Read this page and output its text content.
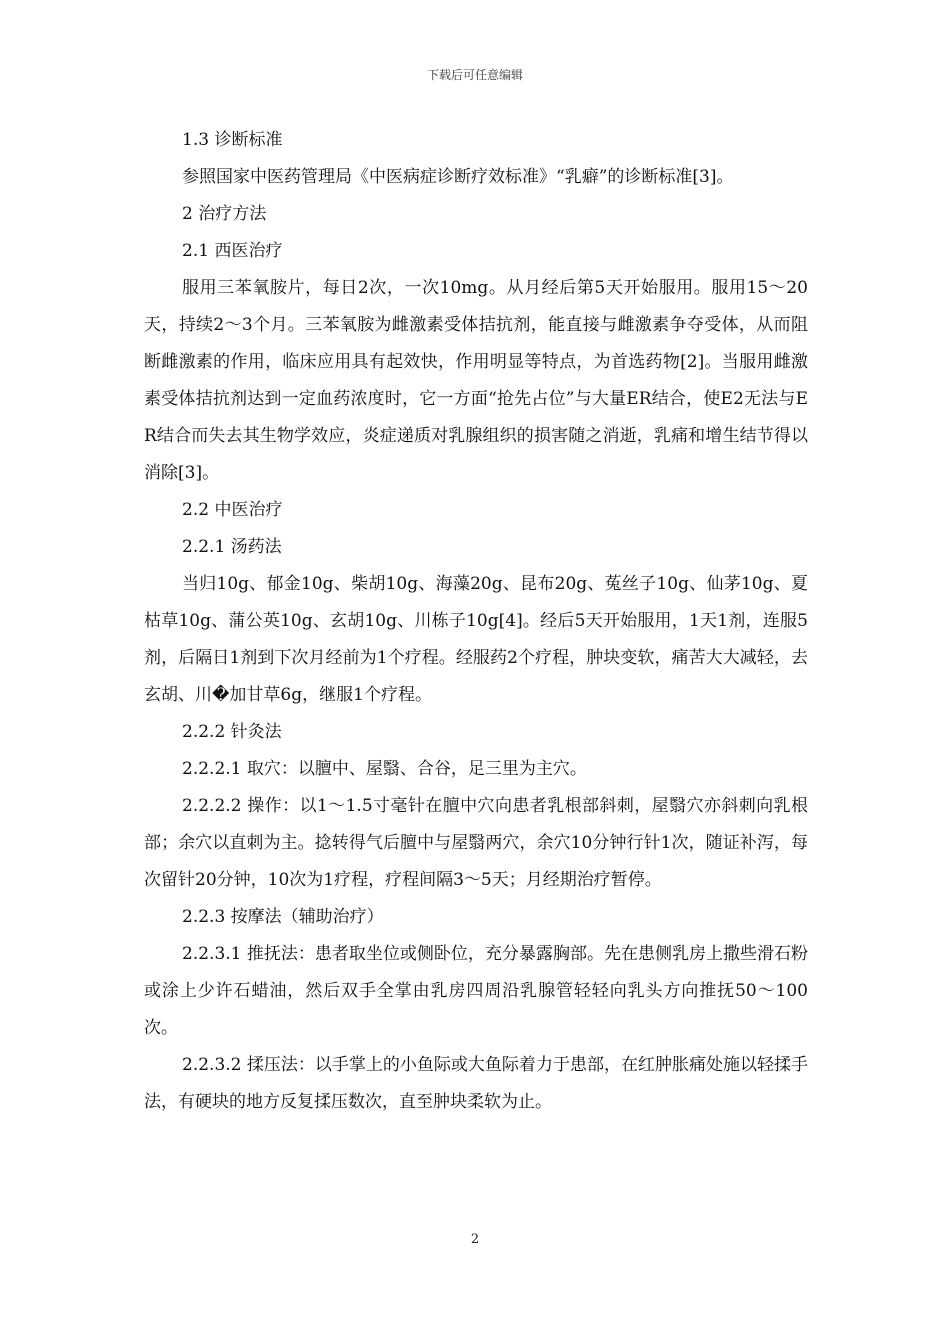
下载后可任意编辑

1.3 诊断标准

参照国家中医药管理局《中医病症诊断疗效标准》“乳癖”的诊断标准[3]。

2 治疗方法

2.1 西医治疗

服用三苯氧胺片，每日2次，一次10mg。从月经后第5天开始服用。服用15～20天，持续2～3个月。三苯氧胺为雌激素受体拮抗剂，能直接与雌激素争夺受体，从而阻断雌激素的作用，临床应用具有起效快，作用明显等特点，为首选药物[2]。当服用雌激素受体拮抗剂达到一定血药浓度时，它一方面“抢先占位”与大量ER结合，使E2无法与ER结合而失去其生物学效应，炎症递质对乳腺组织的损害随之消逝，乳痛和增生结节得以消除[3]。

2.2 中医治疗

2.2.1 汤药法

当归10g、郁金10g、柴胡10g、海藻20g、昆布20g、菟丝子10g、仙茅10g、夏枯草10g、蒲公英10g、玄胡10g、川栋子10g[4]。经后5天开始服用，1天1剂，连服5剂，后隔日1剂到下次月经前为1个疗程。经服药2个疗程，肿块变软，痛苦大大减轻，去玄胡、川�加甘草6g，继服1个疗程。

2.2.2 针灸法

2.2.2.1 取穴：以膻中、屋翳、合谷，足三里为主穴。

2.2.2.2 操作：以1～1.5寸毫针在膻中穴向患者乳根部斜刺，屋翳穴亦斜刺向乳根部；余穴以直刺为主。捻转得气后膻中与屋翳两穴，余穴10分钟行针1次，随证补泻，每次留针20分钟，10次为1疗程，疗程间隔3～5天；月经期治疗暂停。

2.2.3 按摩法（辅助治疗）

2.2.3.1 推抚法：患者取坐位或侧卧位，充分暴露胸部。先在患侧乳房上撒些滑石粉或涂上少许石蜡油，然后双手全掌由乳房四周沿乳腺管轻轻向乳头方向推抚50～100次。

2.2.3.2 揉压法：以手掌上的小鱼际或大鱼际着力于患部，在红肿胀痛处施以轻揉手法，有硬块的地方反复揉压数次，直至肿块柔软为止。

2
